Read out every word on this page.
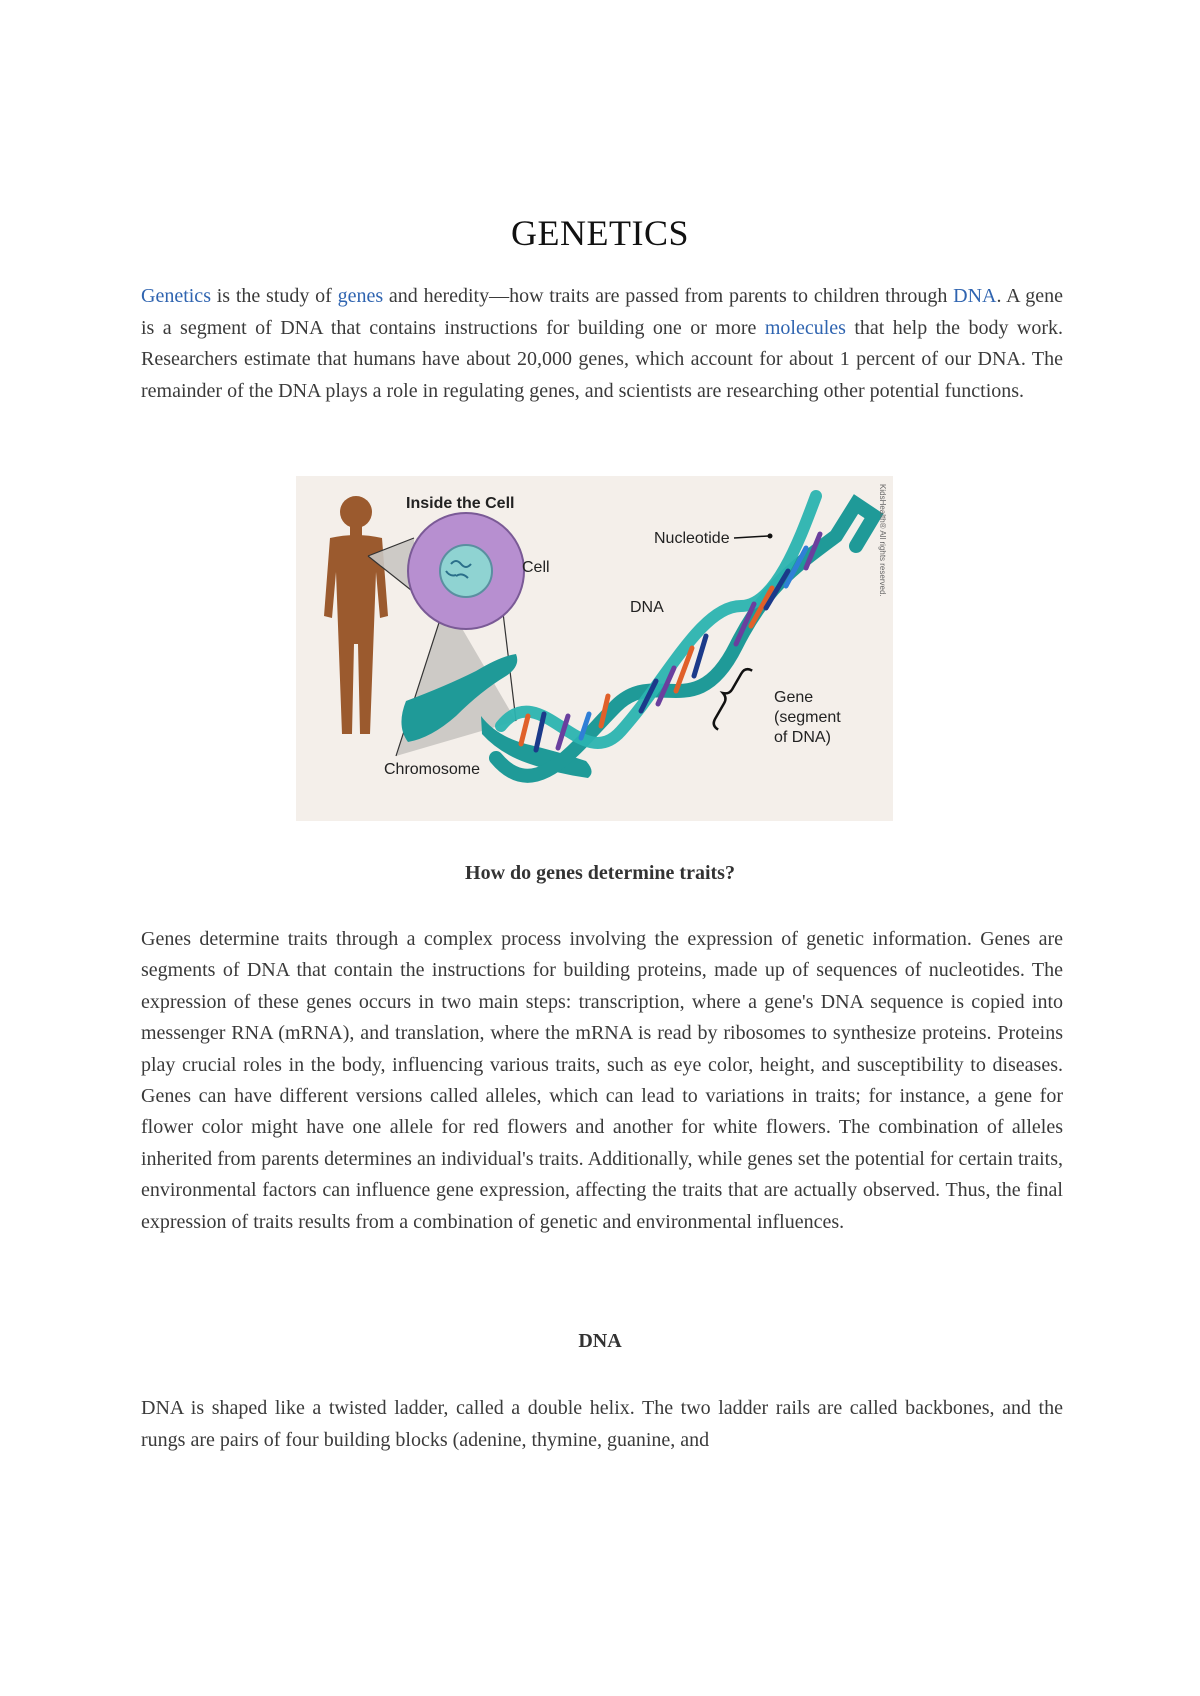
GENETICS
Genetics is the study of genes and heredity—how traits are passed from parents to children through DNA. A gene is a segment of DNA that contains instructions for building one or more molecules that help the body work. Researchers estimate that humans have about 20,000 genes, which account for about 1 percent of our DNA. The remainder of the DNA plays a role in regulating genes, and scientists are researching other potential functions.
Inside the Cell
Cell
Nucleotide
DNA
Gene
(segment
of DNA)
Chromosome
KidsHealth® All rights reserved.
How do genes determine traits?
Genes determine traits through a complex process involving the expression of genetic information. Genes are segments of DNA that contain the instructions for building proteins, made up of sequences of nucleotides. The expression of these genes occurs in two main steps: transcription, where a gene's DNA sequence is copied into messenger RNA (mRNA), and translation, where the mRNA is read by ribosomes to synthesize proteins. Proteins play crucial roles in the body, influencing various traits, such as eye color, height, and susceptibility to diseases. Genes can have different versions called alleles, which can lead to variations in traits; for instance, a gene for flower color might have one allele for red flowers and another for white flowers. The combination of alleles inherited from parents determines an individual's traits. Additionally, while genes set the potential for certain traits, environmental factors can influence gene expression, affecting the traits that are actually observed. Thus, the final expression of traits results from a combination of genetic and environmental influences.
DNA
DNA is shaped like a twisted ladder, called a double helix. The two ladder rails are called backbones, and the rungs are pairs of four building blocks (adenine, thymine, guanine, and
